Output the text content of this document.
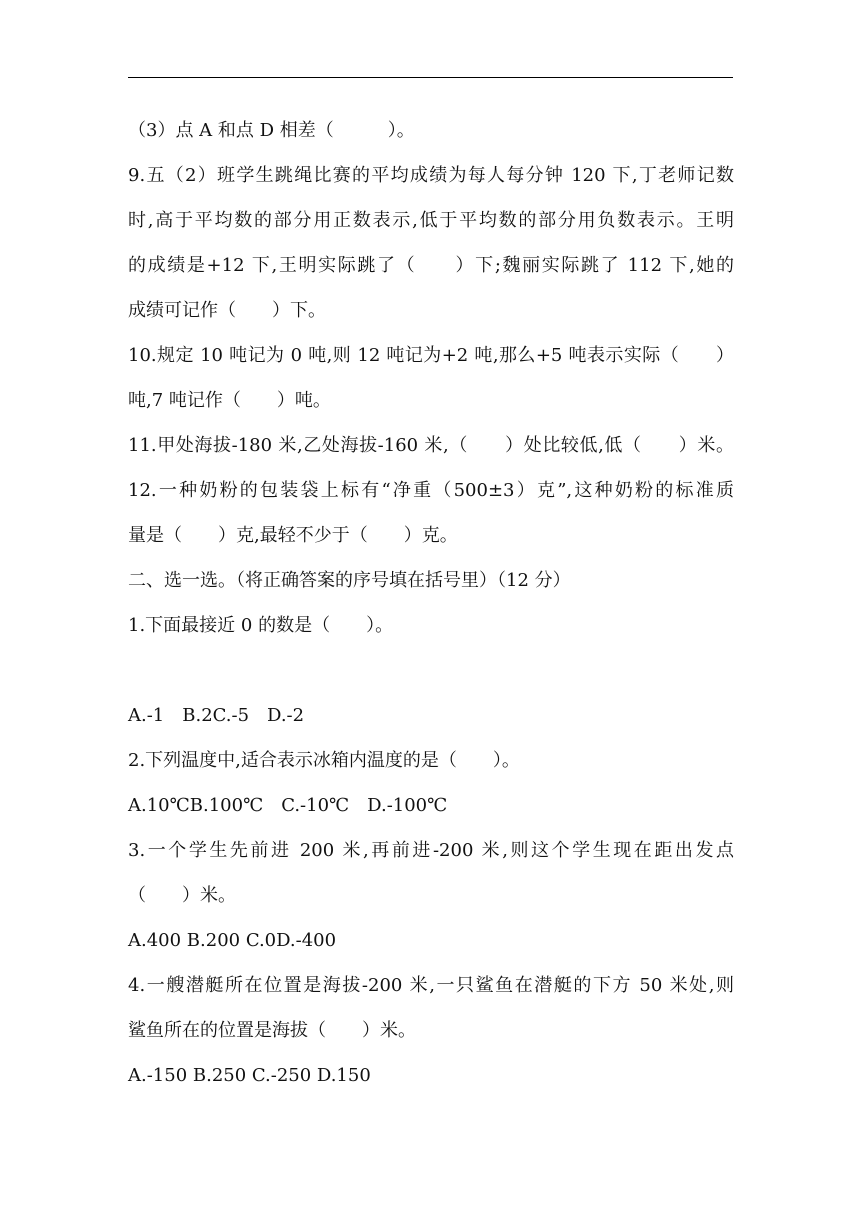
（3）点 A 和点 D 相差（　　　）。
9.五（2）班学生跳绳比赛的平均成绩为每人每分钟 120 下,丁老师记数
时,高于平均数的部分用正数表示,低于平均数的部分用负数表示。王明
的成绩是+12 下,王明实际跳了（　　）下;魏丽实际跳了 112 下,她的
成绩可记作（　　）下。
10.规定 10 吨记为 0 吨,则 12 吨记为+2 吨,那么+5 吨表示实际（　　）
吨,7 吨记作（　　）吨。
11.甲处海拔-180 米,乙处海拔-160 米,（　　）处比较低,低（　　）米。
12.一种奶粉的包装袋上标有“净重（500±3）克”,这种奶粉的标准质
量是（　　）克,最轻不少于（　　）克。
二、选一选。（将正确答案的序号填在括号里）（12 分）
1.下面最接近 0 的数是（　　）。
A.-1　B.2C.-5　D.-2
2.下列温度中,适合表示冰箱内温度的是（　　）。
A.10℃B.100℃　C.-10℃　D.-100℃
3.一个学生先前进 200 米,再前进-200 米,则这个学生现在距出发点
（　　）米。
A.400 B.200 C.0D.-400
4.一艘潜艇所在位置是海拔-200 米,一只鲨鱼在潜艇的下方 50 米处,则
鲨鱼所在的位置是海拔（　　）米。
A.-150 B.250 C.-250 D.150
